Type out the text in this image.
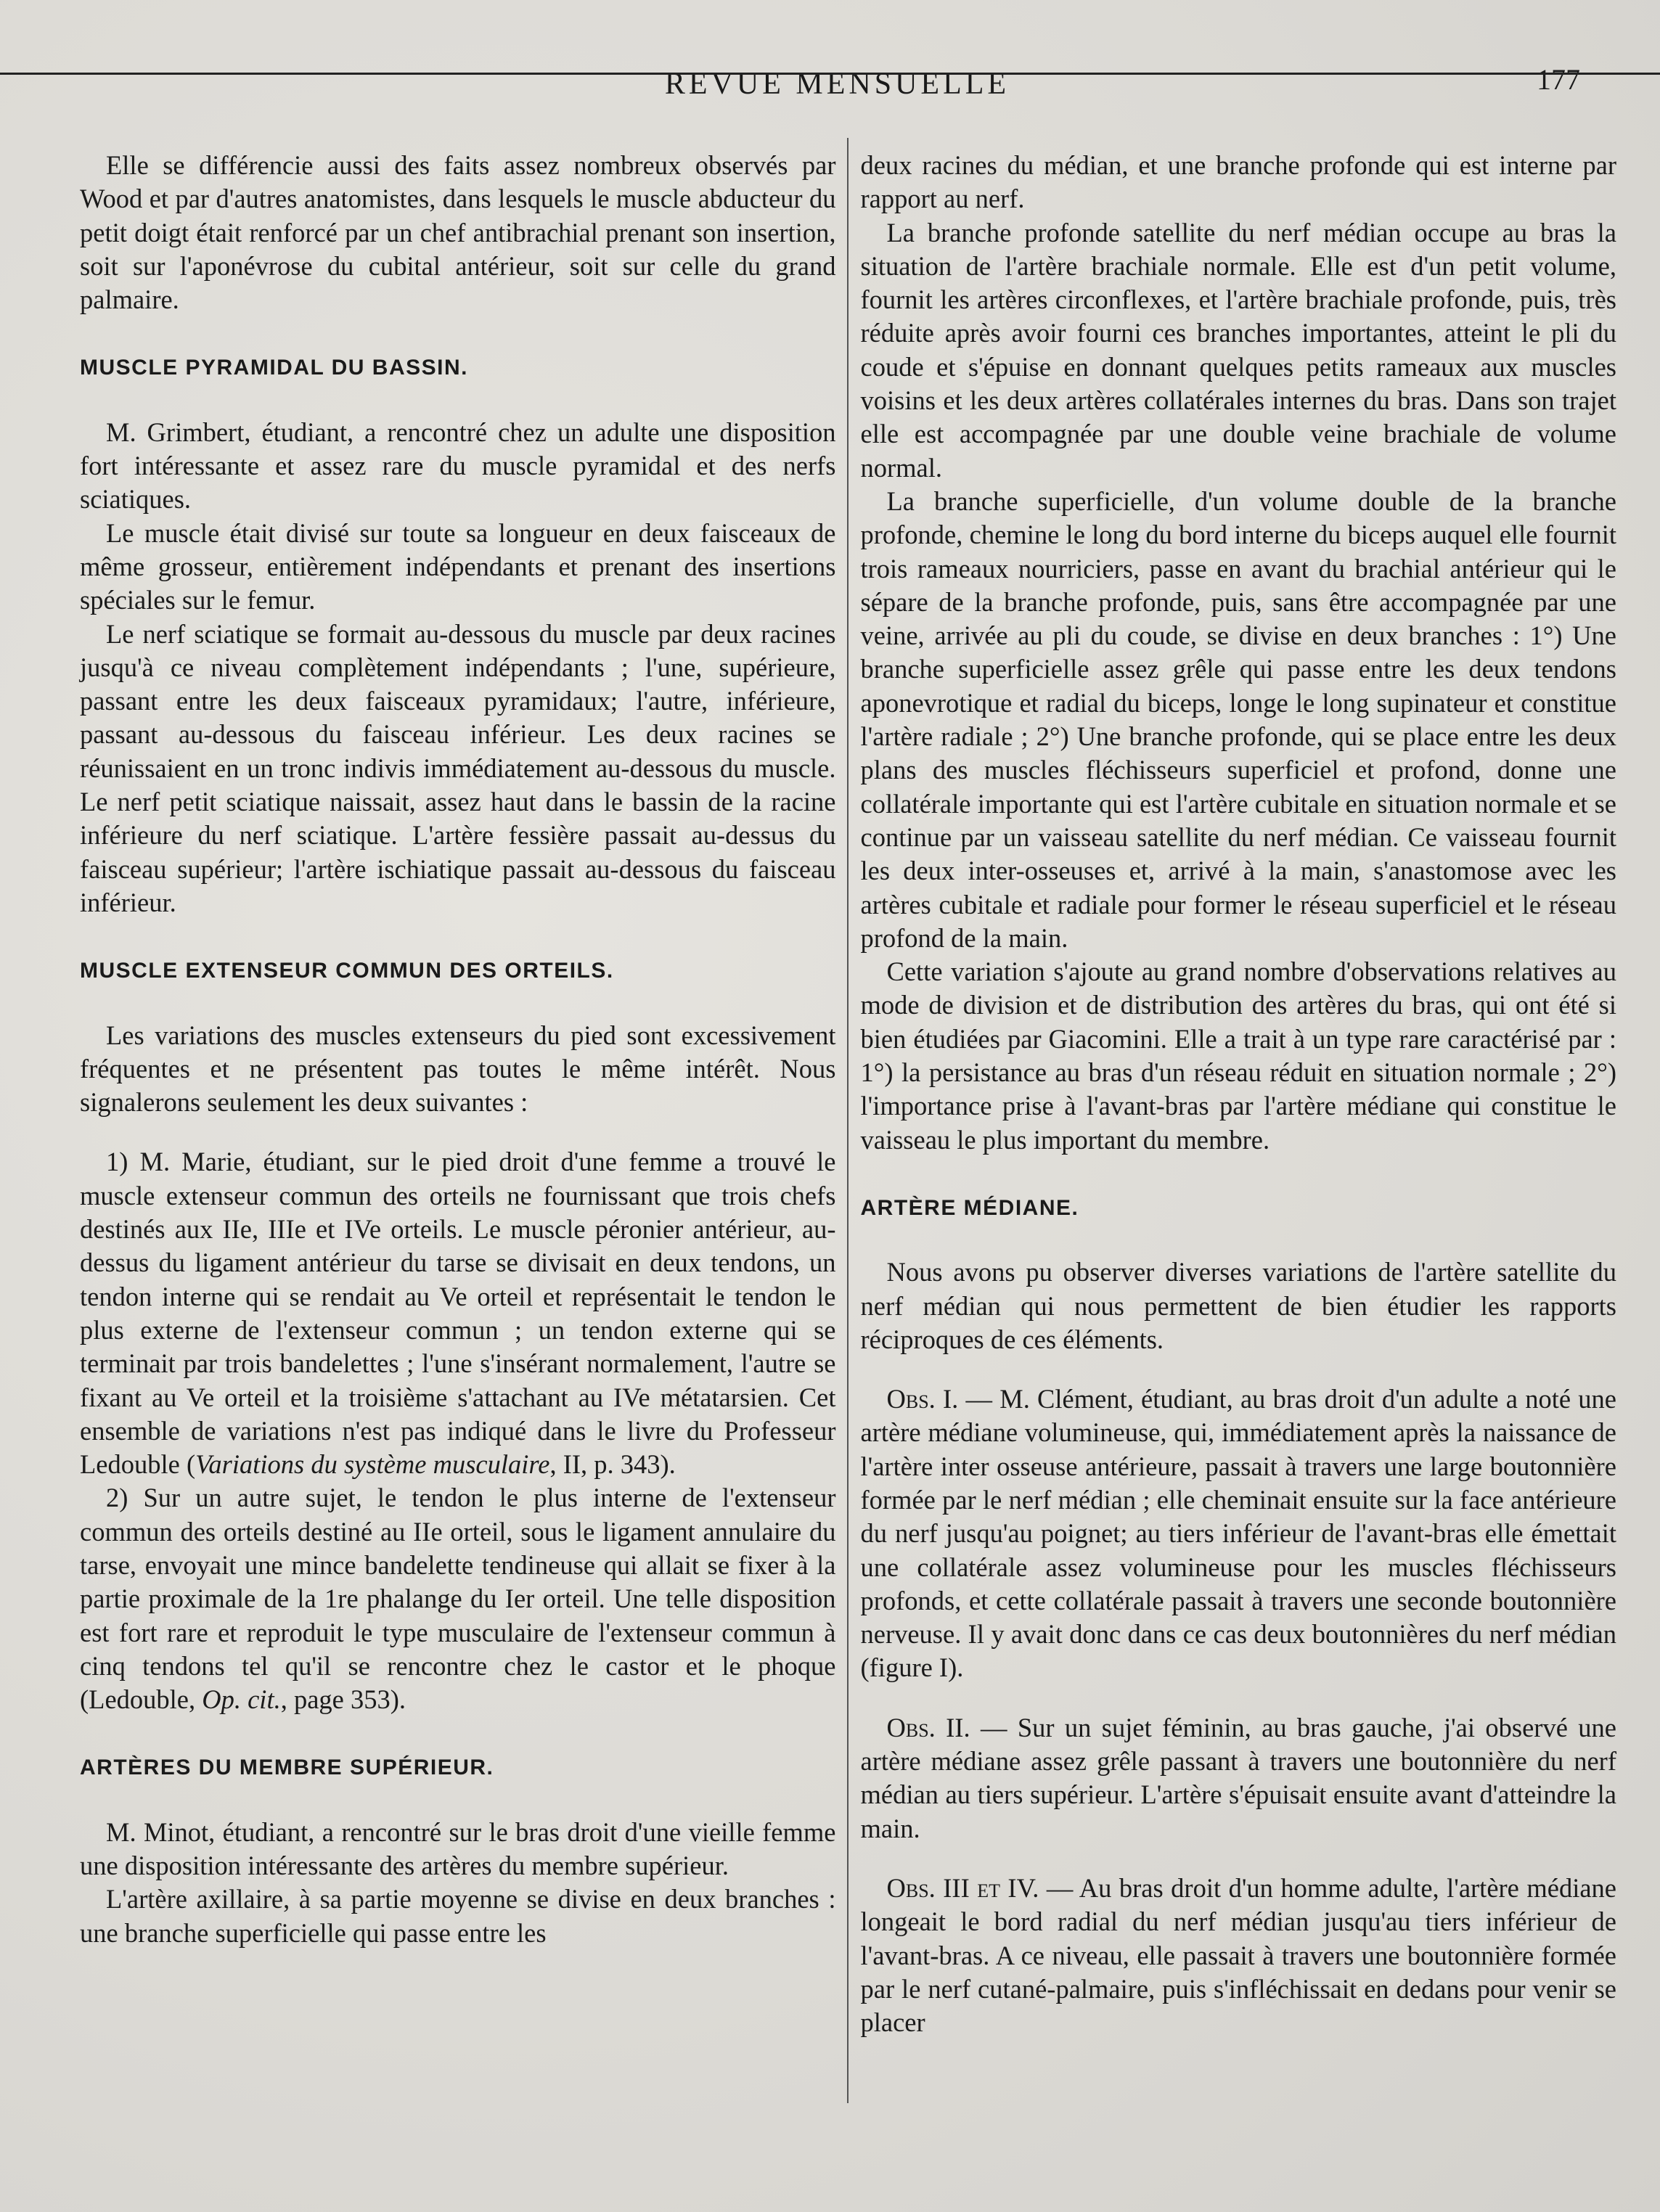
REVUE MENSUELLE	177

Elle se différencie aussi des faits assez nombreux observés par Wood et par d'autres anatomistes, dans lesquels le muscle abducteur du petit doigt était renforcé par un chef antibrachial prenant son insertion, soit sur l'aponévrose du cubital antérieur, soit sur celle du grand palmaire.

MUSCLE PYRAMIDAL DU BASSIN.

M. Grimbert, étudiant, a rencontré chez un adulte une disposition fort intéressante et assez rare du muscle pyramidal et des nerfs sciatiques.

Le muscle était divisé sur toute sa longueur en deux faisceaux de même grosseur, entièrement indépendants et prenant des insertions spéciales sur le femur.

Le nerf sciatique se formait au-dessous du muscle par deux racines jusqu'à ce niveau complètement indépendants ; l'une, supérieure, passant entre les deux faisceaux pyramidaux; l'autre, inférieure, passant au-dessous du faisceau inférieur. Les deux racines se réunissaient en un tronc indivis immédiatement au-dessous du muscle. Le nerf petit sciatique naissait, assez haut dans le bassin de la racine inférieure du nerf sciatique. L'artère fessière passait au-dessus du faisceau supérieur; l'artère ischiatique passait au-dessous du faisceau inférieur.

MUSCLE EXTENSEUR COMMUN DES ORTEILS.

Les variations des muscles extenseurs du pied sont excessivement fréquentes et ne présentent pas toutes le même intérêt. Nous signalerons seulement les deux suivantes :

1) M. Marie, étudiant, sur le pied droit d'une femme a trouvé le muscle extenseur commun des orteils ne fournissant que trois chefs destinés aux IIe, IIIe et IVe orteils. Le muscle péronier antérieur, au-dessus du ligament antérieur du tarse se divisait en deux tendons, un tendon interne qui se rendait au Ve orteil et représentait le tendon le plus externe de l'extenseur commun ; un tendon externe qui se terminait par trois bandelettes ; l'une s'insérant normalement, l'autre se fixant au Ve orteil et la troisième s'attachant au IVe métatarsien. Cet ensemble de variations n'est pas indiqué dans le livre du Professeur Ledouble (Variations du système musculaire, II, p. 343).

2) Sur un autre sujet, le tendon le plus interne de l'extenseur commun des orteils destiné au IIe orteil, sous le ligament annulaire du tarse, envoyait une mince bandelette tendineuse qui allait se fixer à la partie proximale de la 1re phalange du Ier orteil. Une telle disposition est fort rare et reproduit le type musculaire de l'extenseur commun à cinq tendons tel qu'il se rencontre chez le castor et le phoque (Ledouble, Op. cit., page 353).

ARTÈRES DU MEMBRE SUPÉRIEUR.

M. Minot, étudiant, a rencontré sur le bras droit d'une vieille femme une disposition intéressante des artères du membre supérieur.

L'artère axillaire, à sa partie moyenne se divise en deux branches : une branche superficielle qui passe entre les

deux racines du médian, et une branche profonde qui est interne par rapport au nerf.

La branche profonde satellite du nerf médian occupe au bras la situation de l'artère brachiale normale. Elle est d'un petit volume, fournit les artères circonflexes, et l'artère brachiale profonde, puis, très réduite après avoir fourni ces branches importantes, atteint le pli du coude et s'épuise en donnant quelques petits rameaux aux muscles voisins et les deux artères collatérales internes du bras. Dans son trajet elle est accompagnée par une double veine brachiale de volume normal.

La branche superficielle, d'un volume double de la branche profonde, chemine le long du bord interne du biceps auquel elle fournit trois rameaux nourriciers, passe en avant du brachial antérieur qui le sépare de la branche profonde, puis, sans être accompagnée par une veine, arrivée au pli du coude, se divise en deux branches : 1°) Une branche superficielle assez grêle qui passe entre les deux tendons aponevrotique et radial du biceps, longe le long supinateur et constitue l'artère radiale ; 2°) Une branche profonde, qui se place entre les deux plans des muscles fléchisseurs superficiel et profond, donne une collatérale importante qui est l'artère cubitale en situation normale et se continue par un vaisseau satellite du nerf médian. Ce vaisseau fournit les deux inter-osseuses et, arrivé à la main, s'anastomose avec les artères cubitale et radiale pour former le réseau superficiel et le réseau profond de la main.

Cette variation s'ajoute au grand nombre d'observations relatives au mode de division et de distribution des artères du bras, qui ont été si bien étudiées par Giacomini. Elle a trait à un type rare caractérisé par : 1°) la persistance au bras d'un réseau réduit en situation normale ; 2°) l'importance prise à l'avant-bras par l'artère médiane qui constitue le vaisseau le plus important du membre.

ARTÈRE MÉDIANE.

Nous avons pu observer diverses variations de l'artère satellite du nerf médian qui nous permettent de bien étudier les rapports réciproques de ces éléments.

Obs. I. — M. Clément, étudiant, au bras droit d'un adulte a noté une artère médiane volumineuse, qui, immédiatement après la naissance de l'artère inter osseuse antérieure, passait à travers une large boutonnière formée par le nerf médian ; elle cheminait ensuite sur la face antérieure du nerf jusqu'au poignet; au tiers inférieur de l'avant-bras elle émettait une collatérale assez volumineuse pour les muscles fléchisseurs profonds, et cette collatérale passait à travers une seconde boutonnière nerveuse. Il y avait donc dans ce cas deux boutonnières du nerf médian (figure I).

Obs. II. — Sur un sujet féminin, au bras gauche, j'ai observé une artère médiane assez grêle passant à travers une boutonnière du nerf médian au tiers supérieur. L'artère s'épuisait ensuite avant d'atteindre la main.

Obs. III et IV. — Au bras droit d'un homme adulte, l'artère médiane longeait le bord radial du nerf médian jusqu'au tiers inférieur de l'avant-bras. A ce niveau, elle passait à travers une boutonnière formée par le nerf cutané-palmaire, puis s'infléchissait en dedans pour venir se placer
